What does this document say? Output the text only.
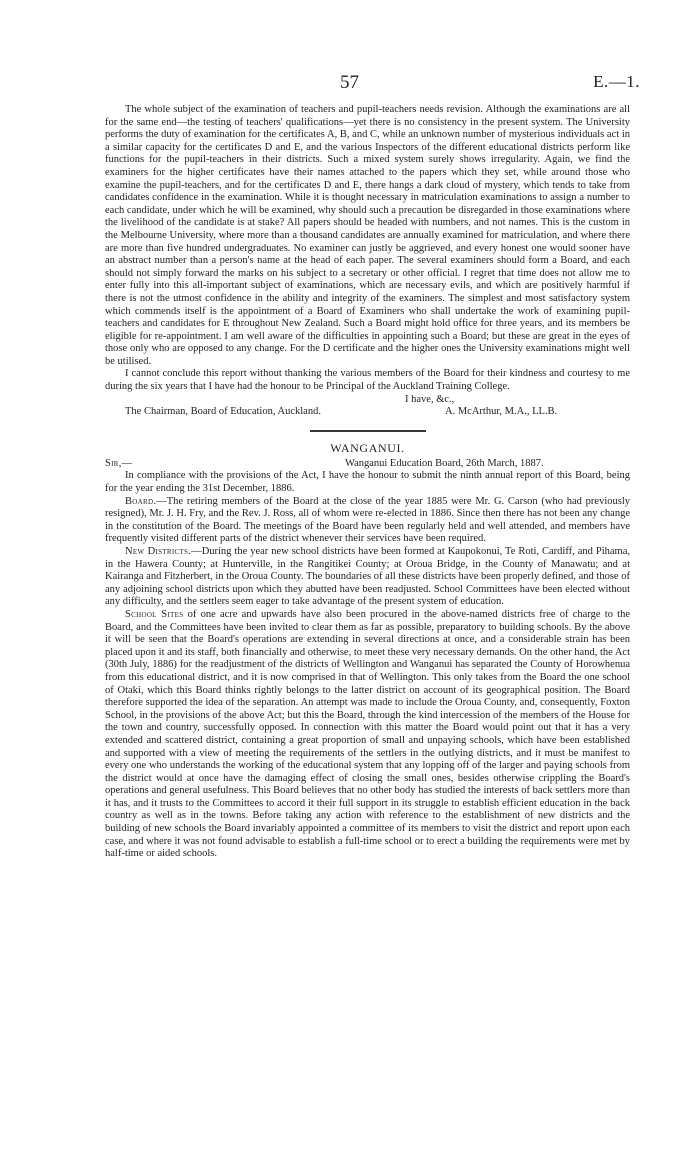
57	E.—1.

The whole subject of the examination of teachers and pupil-teachers needs revision. Although the examinations are all for the same end—the testing of teachers' qualifications—yet there is no consistency in the present system. The University performs the duty of examination for the certificates A, B, and C, while an unknown number of mysterious individuals act in a similar capacity for the certificates D and E, and the various Inspectors of the different educational districts perform like functions for the pupil-teachers in their districts. Such a mixed system surely shows irregularity. Again, we find the examiners for the higher certificates have their names attached to the papers which they set, while around those who examine the pupil-teachers, and for the certificates D and E, there hangs a dark cloud of mystery, which tends to take from candidates confidence in the examination. While it is thought necessary in matriculation examinations to assign a number to each candidate, under which he will be examined, why should such a precaution be disregarded in those examinations where the livelihood of the candidate is at stake? All papers should be headed with numbers, and not names. This is the custom in the Melbourne University, where more than a thousand candidates are annually examined for matriculation, and where there are more than five hundred undergraduates. No examiner can justly be aggrieved, and every honest one would sooner have an abstract number than a person's name at the head of each paper. The several examiners should form a Board, and each should not simply forward the marks on his subject to a secretary or other official. I regret that time does not allow me to enter fully into this all-important subject of examinations, which are necessary evils, and which are positively harmful if there is not the utmost confidence in the ability and integrity of the examiners. The simplest and most satisfactory system which commends itself is the appointment of a Board of Examiners who shall undertake the work of examining pupil-teachers and candidates for E throughout New Zealand. Such a Board might hold office for three years, and its members be eligible for re-appointment. I am well aware of the difficulties in appointing such a Board; but these are great in the eyes of those only who are opposed to any change. For the D certificate and the higher ones the University examinations might well be utilised.

I cannot conclude this report without thanking the various members of the Board for their kindness and courtesy to me during the six years that I have had the honour to be Principal of the Auckland Training College.

I have, &c.,
The Chairman, Board of Education, Auckland.	A. McArthur, M.A., LL.B.
WANGANUI.
Sir,—	Wanganui Education Board, 26th March, 1887.

In compliance with the provisions of the Act, I have the honour to submit the ninth annual report of this Board, being for the year ending the 31st December, 1886.

Board.—The retiring members of the Board at the close of the year 1885 were Mr. G. Carson (who had previously resigned), Mr. J. H. Fry, and the Rev. J. Ross, all of whom were re-elected in 1886. Since then there has not been any change in the constitution of the Board. The meetings of the Board have been regularly held and well attended, and members have frequently visited different parts of the district whenever their services have been required.

New Districts.—During the year new school districts have been formed at Kaupokonui, Te Roti, Cardiff, and Pihama, in the Hawera County; at Hunterville, in the Rangitikei County; at Oroua Bridge, in the County of Manawatu; and at Kairanga and Fitzherbert, in the Oroua County. The boundaries of all these districts have been properly defined, and those of any adjoining school districts upon which they abutted have been readjusted. School Committees have been elected without any difficulty, and the settlers seem eager to take advantage of the present system of education.

School Sites of one acre and upwards have also been procured in the above-named districts free of charge to the Board, and the Committees have been invited to clear them as far as possible, preparatory to building schools. By the above it will be seen that the Board's operations are extending in several directions at once, and a considerable strain has been placed upon it and its staff, both financially and otherwise, to meet these very necessary demands. On the other hand, the Act (30th July, 1886) for the readjustment of the districts of Wellington and Wanganui has separated the County of Horowhenua from this educational district, and it is now comprised in that of Wellington. This only takes from the Board the one school of Otaki, which this Board thinks rightly belongs to the latter district on account of its geographical position. The Board therefore supported the idea of the separation. An attempt was made to include the Oroua County, and, consequently, Foxton School, in the provisions of the above Act; but this the Board, through the kind intercession of the members of the House for the town and country, successfully opposed. In connection with this matter the Board would point out that it has a very extended and scattered district, containing a great proportion of small and unpaying schools, which have been established and supported with a view of meeting the requirements of the settlers in the outlying districts, and it must be manifest to every one who understands the working of the educational system that any lopping off of the larger and paying schools from the district would at once have the damaging effect of closing the small ones, besides otherwise crippling the Board's operations and general usefulness. This Board believes that no other body has studied the interests of back settlers more than it has, and it trusts to the Committees to accord it their full support in its struggle to establish efficient education in the back country as well as in the towns. Before taking any action with reference to the establishment of new districts and the building of new schools the Board invariably appointed a committee of its members to visit the district and report upon each case, and where it was not found advisable to establish a full-time school or to erect a building the requirements were met by half-time or aided schools.
